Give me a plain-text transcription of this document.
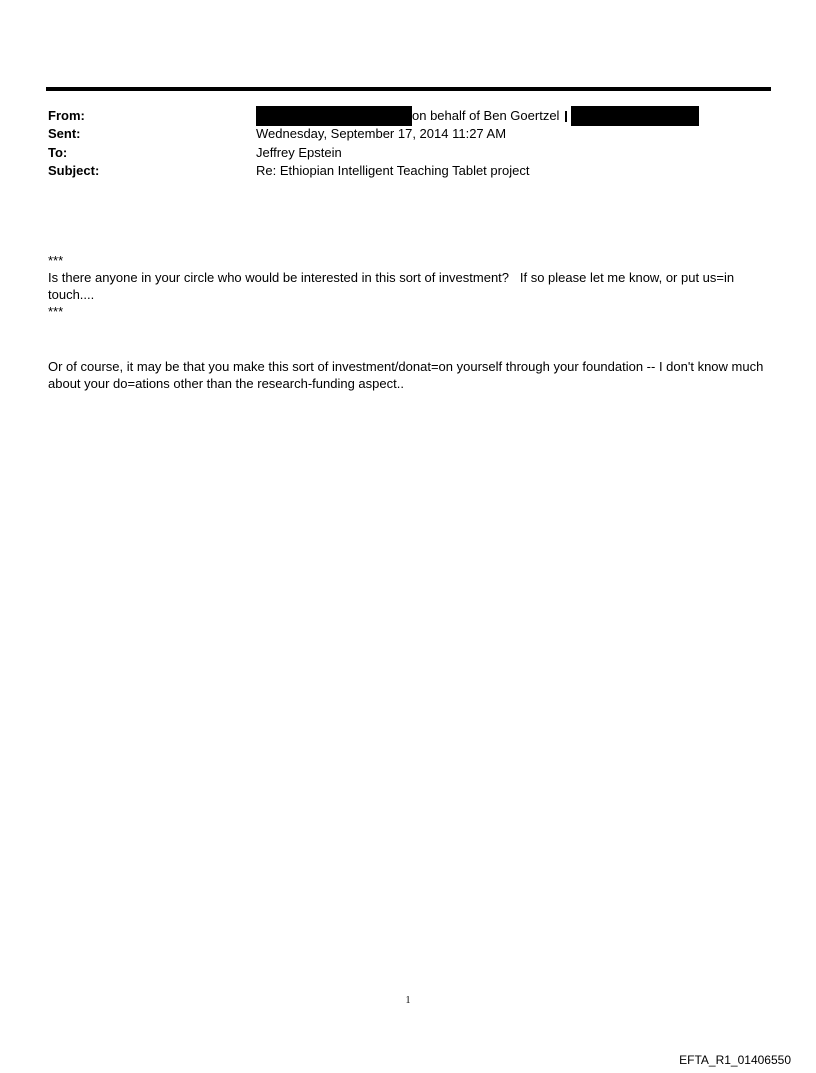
From:	on behalf of Ben Goertzel
Sent:	Wednesday, September 17, 2014 11:27 AM
To:	Jeffrey Epstein
Subject:	Re: Ethiopian Intelligent Teaching Tablet project
***
Is there anyone in your circle who would be interested in this sort of investment?   If so please let me know, or put us=in touch....
***
Or of course, it may be that you make this sort of investment/donat=on yourself through your foundation -- I don't know much about your do=ations other than the research-funding aspect..
1
EFTA_R1_01406550
